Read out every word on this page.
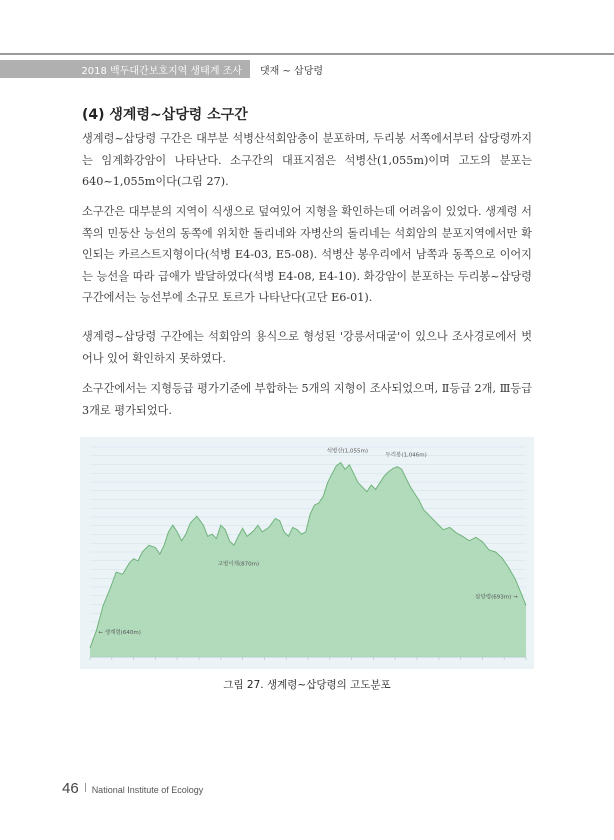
2018 백두대간보호지역 생태계 조사 댓재 ~ 삽당령
(4) 생계령~삽당령 소구간

생계령~삽당령 구간은 대부분 석병산석회암층이 분포하며, 두리봉 서쪽에서부터 삽당령까지는 임계화강암이 나타난다. 소구간의 대표지점은 석병산(1,055m)이며 고도의 분포는 640~1,055m이다(그림 27).

소구간은 대부분의 지역이 식생으로 덮여있어 지형을 확인하는데 어려움이 있었다. 생계령 서쪽의 민둥산 능선의 동쪽에 위치한 돌리네와 자병산의 돌리네는 석회암의 분포지역에서만 확인되는 카르스트지형이다(석병 E4-03, E5-08). 석병산 봉우리에서 남쪽과 동쪽으로 이어지는 능선을 따라 급애가 발달하였다(석병 E4-08, E4-10). 화강암이 분포하는 두리봉~삽당령 구간에서는 능선부에 소규모 토르가 나타난다(고단 E6-01).

생계령~삽당령 구간에는 석회암의 용식으로 형성된 '강릉서대굴'이 있으나 조사경로에서 벗어나 있어 확인하지 못하였다.

소구간에서는 지형등급 평가기준에 부합하는 5개의 지형이 조사되었으며, Ⅱ등급 2개, Ⅲ등급 3개로 평가되었다.

석병산(1,055m)
두리봉(1,046m)
고병이재(870m)
← 생계령(640m)
삽당령(693m) →
그림 27. 생계령~삽당령의 고도분포
46 National Institute of Ecology
